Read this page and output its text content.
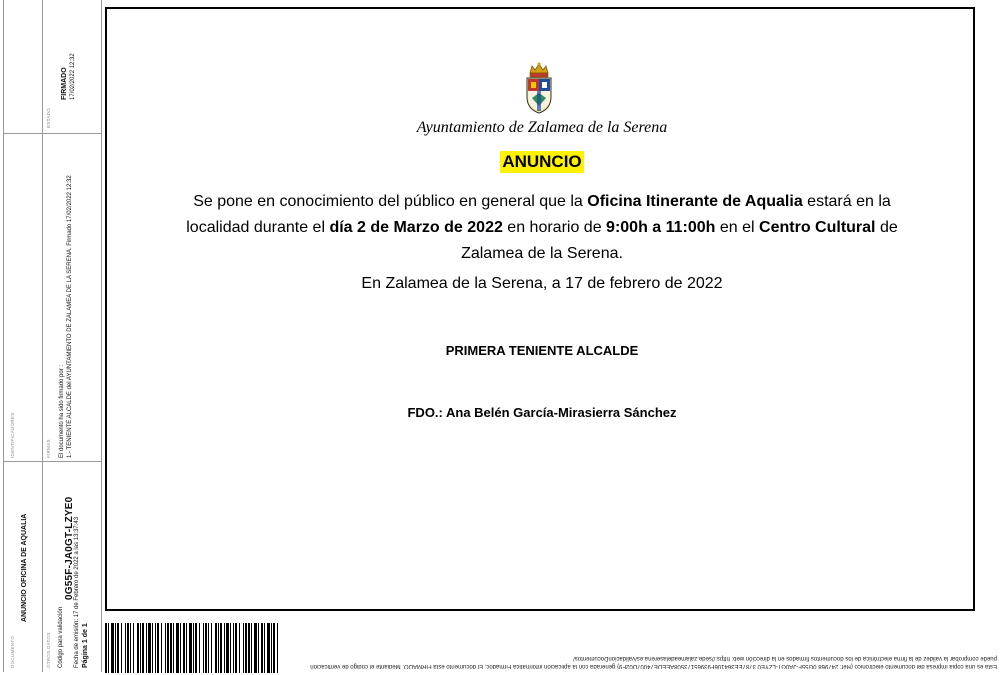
ESTADO
FIRMADO 17/02/2022 12:32
FIRMAS El documento ha sido firmado por : 1.- TENIENTE ALCALDE del AYUNTAMIENTO DE ZALAMEA DE LA SERENA. Firmado 17/02/2022 12:32
IDENTIFICADORES
DOCUMENTO
ANUNCIO OFICINA DE AQUALIA
OTROS DATOS Código para validación
0G55F-JA0GT-LZYE0 Fecha de emisión: 17 de Febrero de 2022 a las 13:37:43 Página 1 de 1
Ayuntamiento de Zalamea de la Serena
ANUNCIO
Se pone en conocimiento del público en general que la Oficina Itinerante de Aqualia estará en la localidad durante el día 2 de Marzo de 2022 en horario de 9:00h a 11:00h en el Centro Cultural de Zalamea de la Serena.
En Zalamea de la Serena, a 17 de febrero de 2022
PRIMERA TENIENTE ALCALDE
FDO.: Ana Belén García-Mirasierra Sánchez
Esta es una copia impresa del documento electrónico (Ref: 247968 0G55F-JA0GT-LZYE0 3787EE364106F93965173508AEEDE74007D02F9) generada con la aplicación informática Firmadoc. El documento está FIRMADO. Mediante el código de verificación
puede comprobar la validez de la firma electrónica de los documentos firmados en la dirección web: https://sede.zalameadelaserena.es/validacionDocumentos/
